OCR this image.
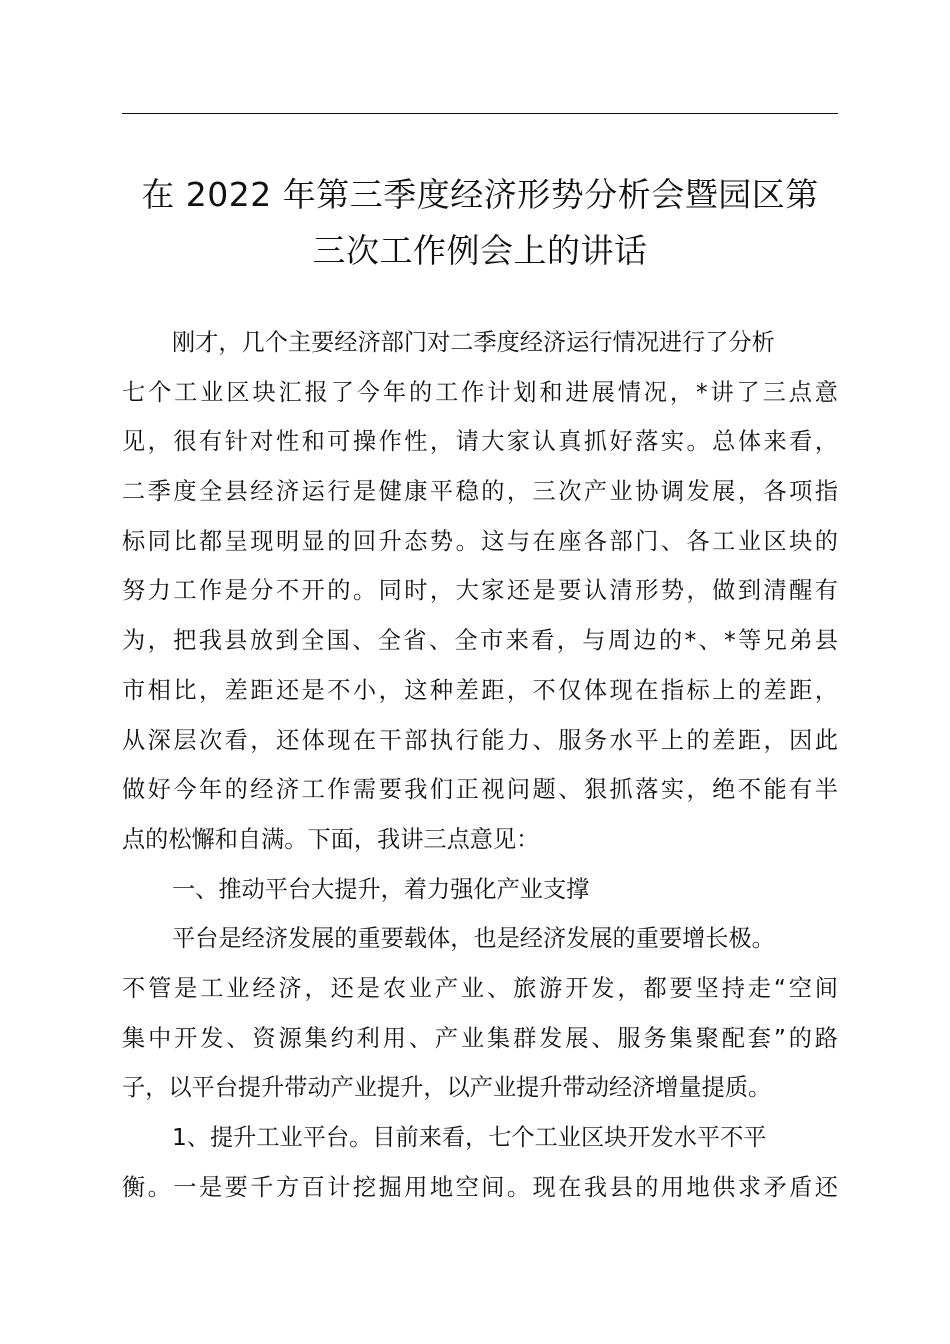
在 2022 年第三季度经济形势分析会暨园区第
三次工作例会上的讲话
刚才，几个主要经济部门对二季度经济运行情况进行了分析
七个工业区块汇报了今年的工作计划和进展情况，*讲了三点意
见，很有针对性和可操作性，请大家认真抓好落实。总体来看，
二季度全县经济运行是健康平稳的，三次产业协调发展，各项指
标同比都呈现明显的回升态势。这与在座各部门、各工业区块的
努力工作是分不开的。同时，大家还是要认清形势，做到清醒有
为，把我县放到全国、全省、全市来看，与周边的*、*等兄弟县
市相比，差距还是不小，这种差距，不仅体现在指标上的差距，
从深层次看，还体现在干部执行能力、服务水平上的差距，因此
做好今年的经济工作需要我们正视问题、狠抓落实，绝不能有半
点的松懈和自满。下面，我讲三点意见：
一、推动平台大提升，着力强化产业支撑
平台是经济发展的重要载体，也是经济发展的重要增长极。
不管是工业经济，还是农业产业、旅游开发，都要坚持走“空间
集中开发、资源集约利用、产业集群发展、服务集聚配套”的路
子，以平台提升带动产业提升，以产业提升带动经济增量提质。
1、提升工业平台。目前来看，七个工业区块开发水平不平
衡。一是要千方百计挖掘用地空间。现在我县的用地供求矛盾还
